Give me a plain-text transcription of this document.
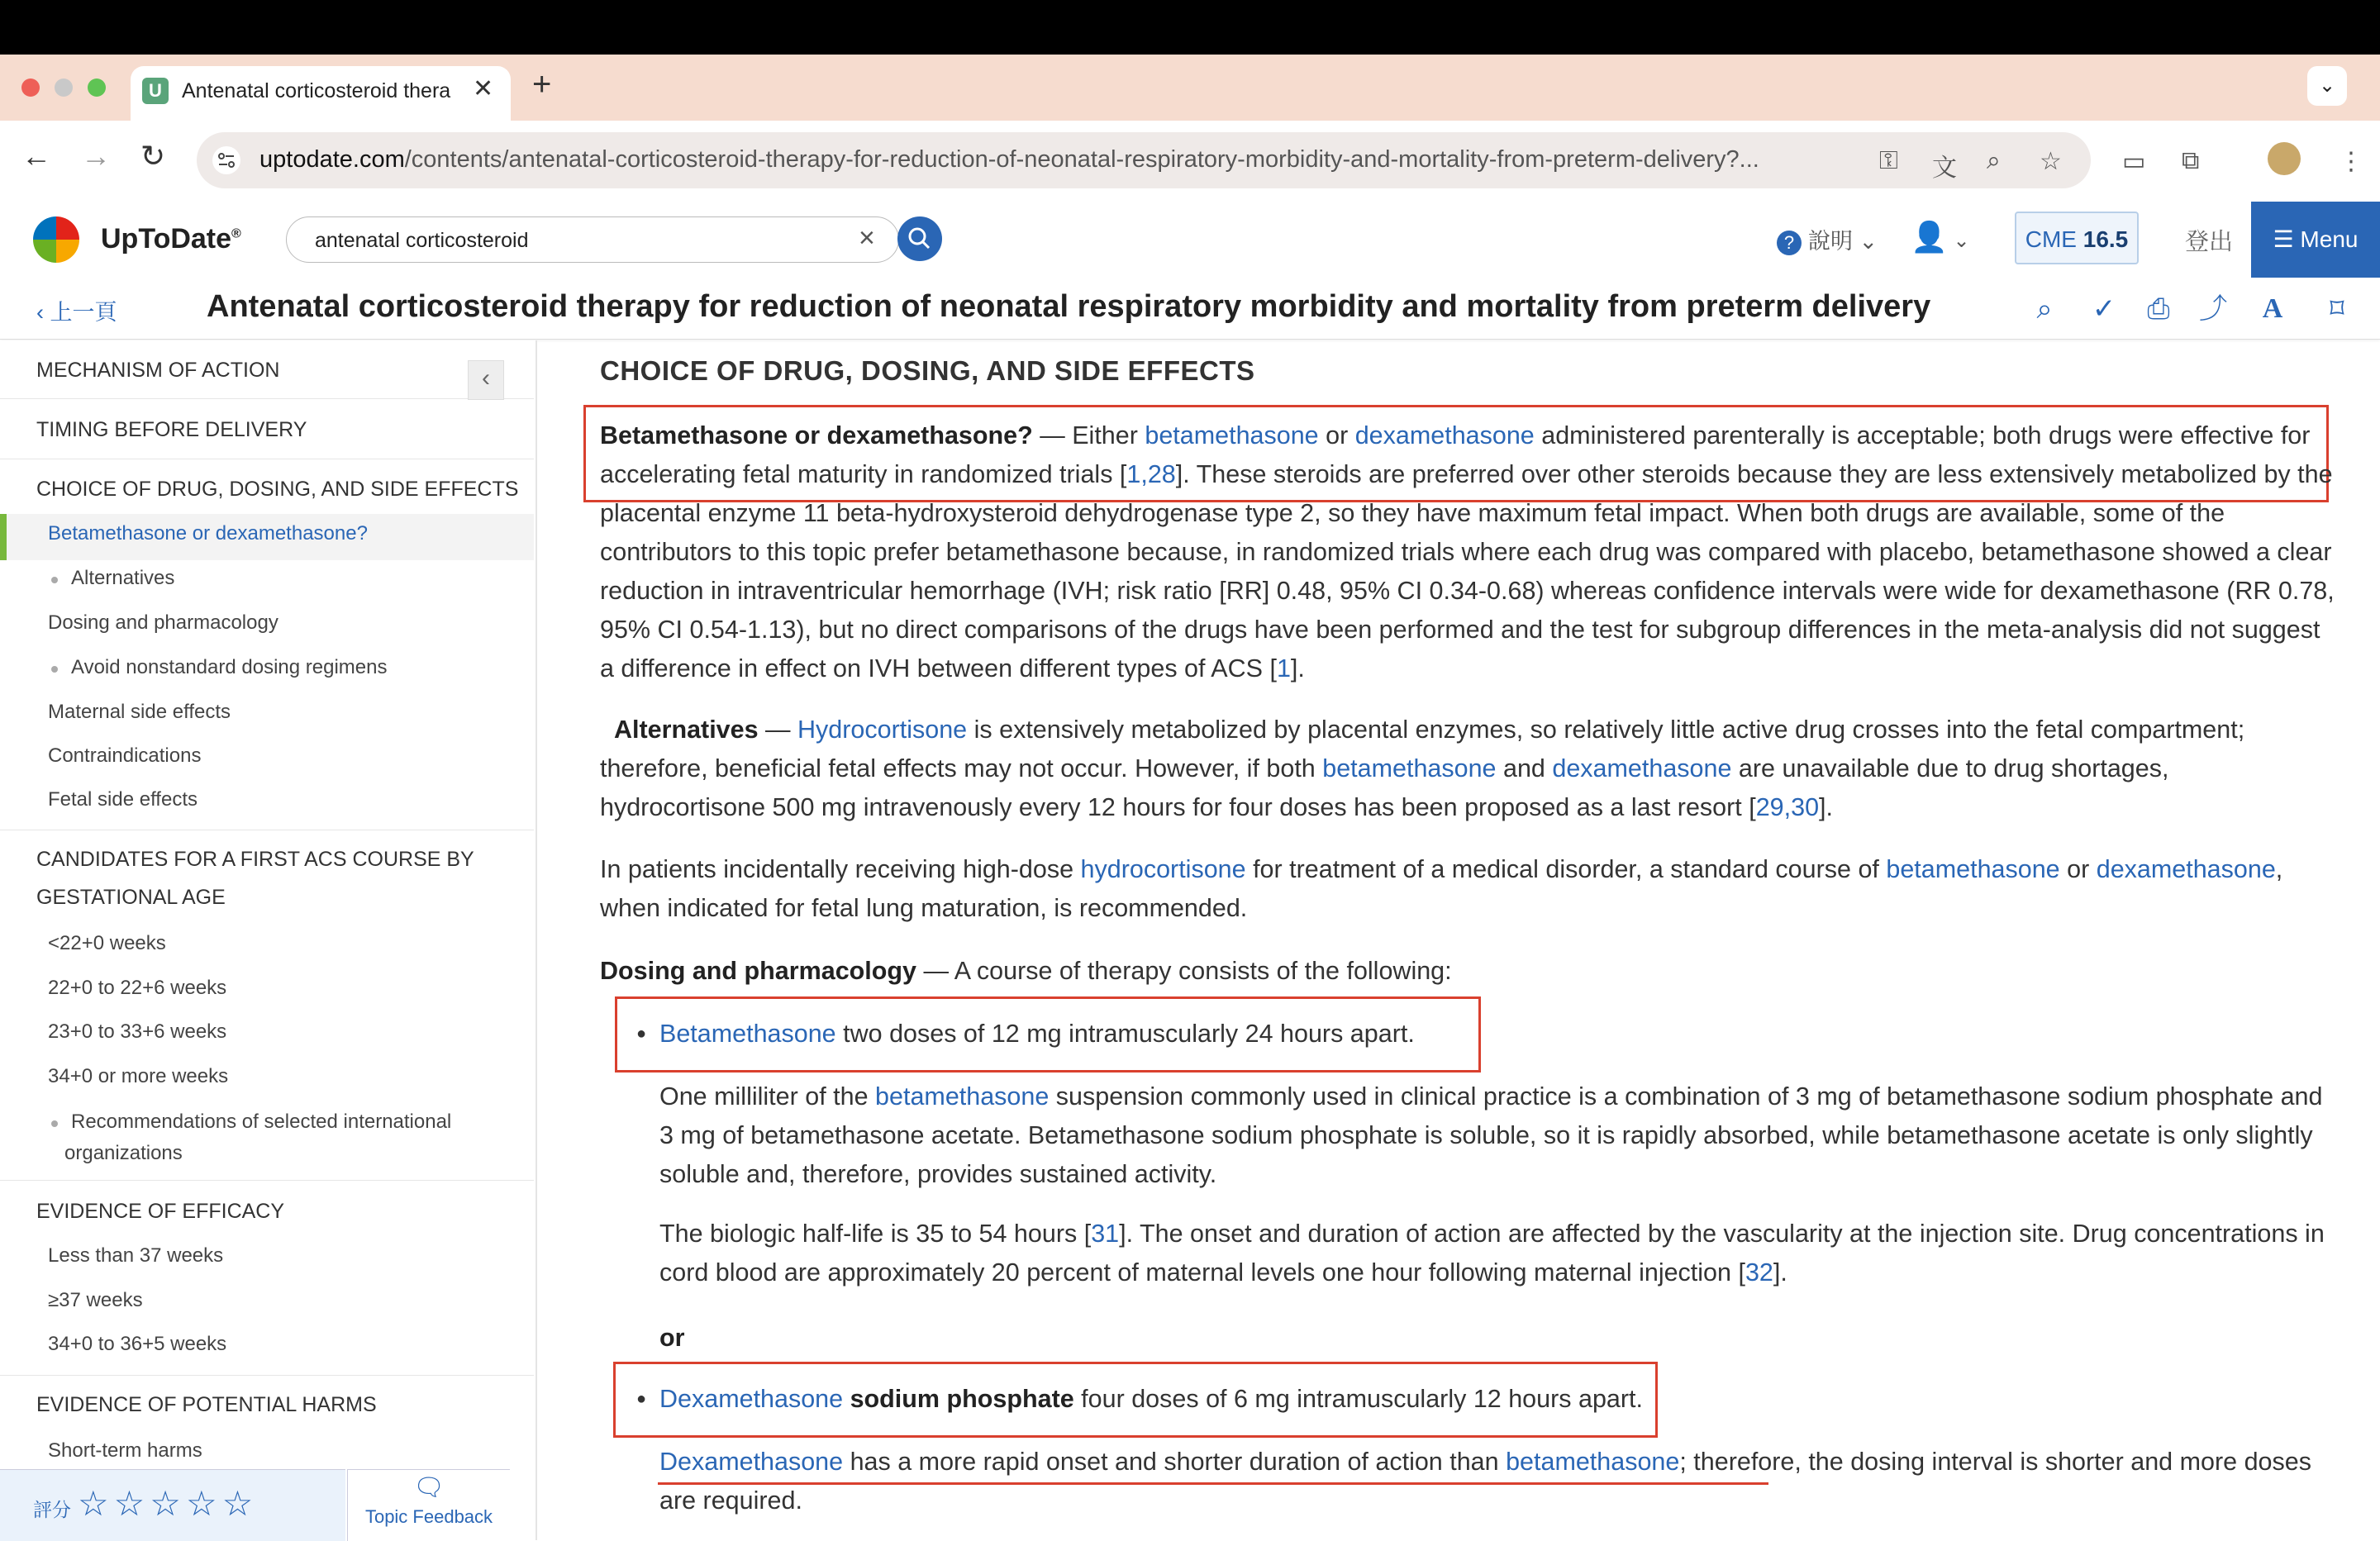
U Antenatal corticosteroid thera ✕ +	⌄
← → ↻	uptodate.com/contents/antenatal-corticosteroid-therapy-for-reduction-of-neonatal-respiratory-morbidity-and-mortality-from-preterm-delivery?...	⚿ 文 ⌕ ☆ ▭ ⧉	⋮
UpToDate®	antenatal corticosteroid	×	? 說明 ⌄ 👤 ⌄	CME 16.5	登出	☰ Menu
‹ 上一頁	Antenatal corticosteroid therapy for reduction of neonatal respiratory morbidity and mortality from preterm delivery	⌕ ✓ ⎙ ⤴ A ⌑
MECHANISM OF ACTION
TIMING BEFORE DELIVERY
CHOICE OF DRUG, DOSING, AND SIDE EFFECTS
Betamethasone or dexamethasone?
Alternatives
Dosing and pharmacology
Avoid nonstandard dosing regimens
Maternal side effects
Contraindications
Fetal side effects
CANDIDATES FOR A FIRST ACS COURSE BY
GESTATIONAL AGE
<22+0 weeks
22+0 to 22+6 weeks
23+0 to 33+6 weeks
34+0 or more weeks
Recommendations of selected international
organizations
EVIDENCE OF EFFICACY
Less than 37 weeks
≥37 weeks
34+0 to 36+5 weeks
EVIDENCE OF POTENTIAL HARMS
Short-term harms
‹
評分 ☆☆☆☆☆	🗨
Topic Feedback
CHOICE OF DRUG, DOSING, AND SIDE EFFECTS
Betamethasone or dexamethasone? — Either betamethasone or dexamethasone administered parenterally is acceptable; both drugs were effective for accelerating fetal maturity in randomized trials [1,28]. These steroids are preferred over other steroids because they are less extensively metabolized by the placental enzyme 11 beta-hydroxysteroid dehydrogenase type 2, so they have maximum fetal impact. When both drugs are available, some of the contributors to this topic prefer betamethasone because, in randomized trials where each drug was compared with placebo, betamethasone showed a clear reduction in intraventricular hemorrhage (IVH; risk ratio [RR] 0.48, 95% CI 0.34-0.68) whereas confidence intervals were wide for dexamethasone (RR 0.78, 95% CI 0.54-1.13), but no direct comparisons of the drugs have been performed and the test for subgroup differences in the meta-analysis did not suggest a difference in effect on IVH between different types of ACS [1].
Alternatives — Hydrocortisone is extensively metabolized by placental enzymes, so relatively little active drug crosses into the fetal compartment; therefore, beneficial fetal effects may not occur. However, if both betamethasone and dexamethasone are unavailable due to drug shortages, hydrocortisone 500 mg intravenously every 12 hours for four doses has been proposed as a last resort [29,30].
In patients incidentally receiving high-dose hydrocortisone for treatment of a medical disorder, a standard course of betamethasone or dexamethasone, when indicated for fetal lung maturation, is recommended.
Dosing and pharmacology — A course of therapy consists of the following:
● Betamethasone two doses of 12 mg intramuscularly 24 hours apart.
One milliliter of the betamethasone suspension commonly used in clinical practice is a combination of 3 mg of betamethasone sodium phosphate and 3 mg of betamethasone acetate. Betamethasone sodium phosphate is soluble, so it is rapidly absorbed, while betamethasone acetate is only slightly soluble and, therefore, provides sustained activity.
The biologic half-life is 35 to 54 hours [31]. The onset and duration of action are affected by the vascularity at the injection site. Drug concentrations in cord blood are approximately 20 percent of maternal levels one hour following maternal injection [32].
or
● Dexamethasone sodium phosphate four doses of 6 mg intramuscularly 12 hours apart.
Dexamethasone has a more rapid onset and shorter duration of action than betamethasone; therefore, the dosing interval is shorter and more doses are required.
